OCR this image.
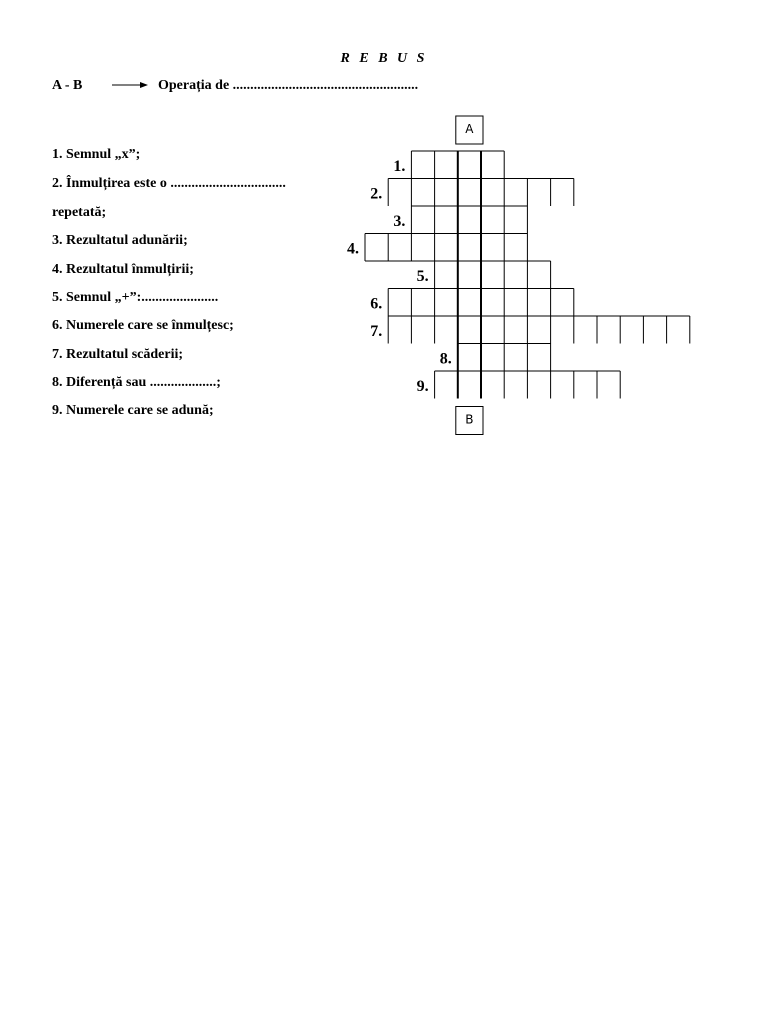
R E B U S
A - B	Operația de .....................................................
1. Semnul „x”;
2. Înmulțirea este o .................................
repetată;
3. Rezultatul adunării;
4. Rezultatul înmulțirii;
5. Semnul „+”:......................
6. Numerele care se înmulțesc;
7. Rezultatul scăderii;
8. Diferență sau ...................;
9. Numerele care se adună;
A
B
1.
2.
3.
4.
5.
6.
7.
8.
9.
